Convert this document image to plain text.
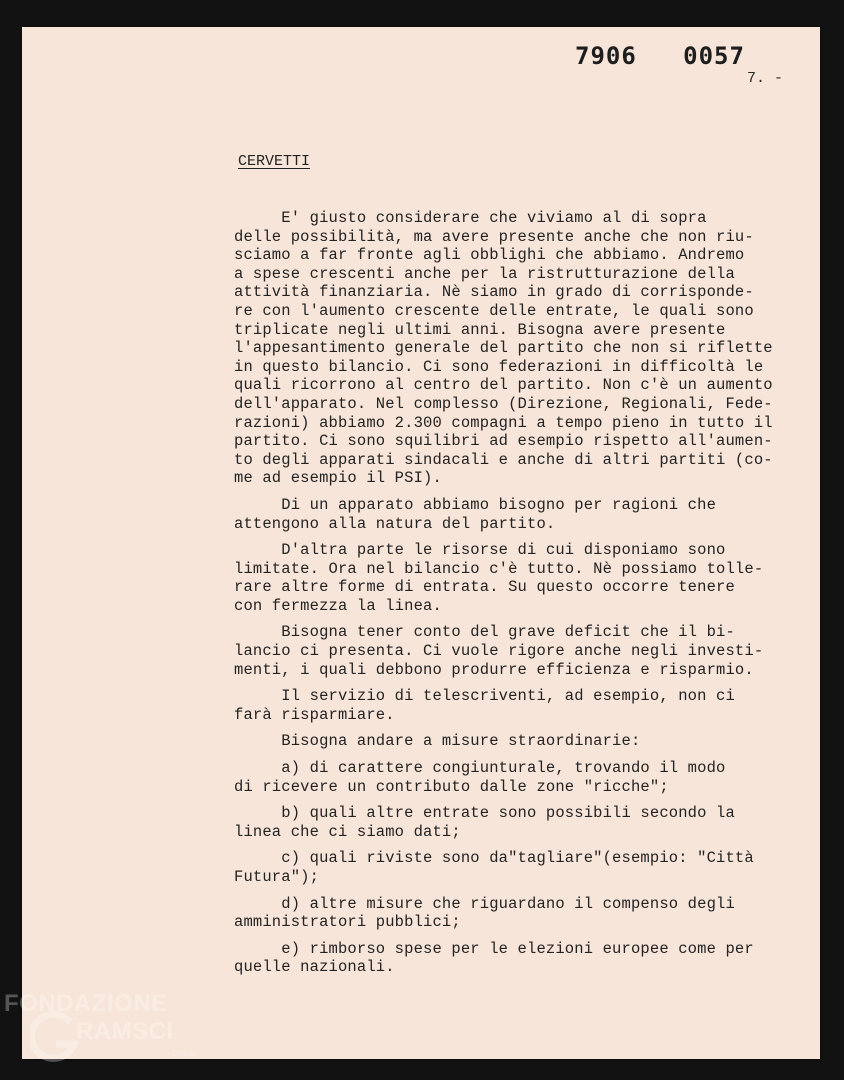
7906   0057
7. -
CERVETTI
E' giusto considerare che viviamo al di sopra
delle possibilità, ma avere presente anche che non riu-
sciamo a far fronte agli obblighi che abbiamo. Andremo
a spese crescenti anche per la ristrutturazione della
attività finanziaria. Nè siamo in grado di corrisponde-
re con l'aumento crescente delle entrate, le quali sono
triplicate negli ultimi anni. Bisogna avere presente
l'appesantimento generale del partito che non si riflette
in questo bilancio. Ci sono federazioni in difficoltà le
quali ricorrono al centro del partito. Non c'è un aumento
dell'apparato. Nel complesso (Direzione, Regionali, Fede-
razioni) abbiamo 2.300 compagni a tempo pieno in tutto il
partito. Ci sono squilibri ad esempio rispetto all'aumen-
to degli apparati sindacali e anche di altri partiti (co-
me ad esempio il PSI).
Di un apparato abbiamo bisogno per ragioni che
attengono alla natura del partito.
D'altra parte le risorse di cui disponiamo sono
limitate. Ora nel bilancio c'è tutto. Nè possiamo tolle-
rare altre forme di entrata. Su questo occorre tenere
con fermezza la linea.
Bisogna tener conto del grave deficit che il bi-
lancio ci presenta. Ci vuole rigore anche negli investi-
menti, i quali debbono produrre efficienza e risparmio.
Il servizio di telescriventi, ad esempio, non ci
farà risparmiare.
Bisogna andare a misure straordinarie:
a) di carattere congiunturale, trovando il modo
di ricevere un contributo dalle zone "ricche";
b) quali altre entrate sono possibili secondo la
linea che ci siamo dati;
c) quali riviste sono da"tagliare"(esempio: "Città
Futura");
d) altre misure che riguardano il compenso degli
amministratori pubblici;
e) rimborso spese per le elezioni europee come per
quelle nazionali.
FONDAZIONE
RAMSCI
onlus
